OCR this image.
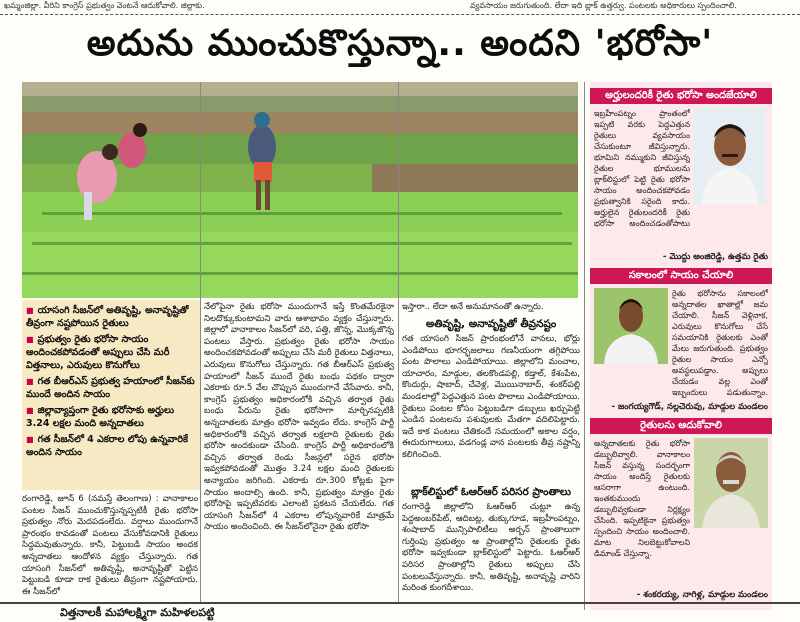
ఖమ్మంజిల్లా. వీరిని కాంగ్రెస్ ప్రభుత్వం వెంటనే ఆదుకోవాలి. జిల్లాకు.	వ్యవసాయం జరుగుతుంది. లేదా ఇది బ్లాక్ ఉత్తర్వు. పంటలకు అధికారులు స్పందించాలి.
అదును ముంచుకొస్తున్నా.. అందని 'భరోసా'
■ యాసంగి సీజన్‌లో అతివృష్టి, అనావృష్టితో తీవ్రంగా నష్టపోయిన రైతులు
■ ప్రభుత్వం రైతు భరోసా సాయం అందించకపోవడంతో అప్పులు చేసి మరీ విత్తనాలు, ఎరువులు కొనుగోలు
■ గత బీఆర్ఎస్ ప్రభుత్వ హయాంలో సీజన్‌కు ముందే అందిన సాయం
■ జిల్లావ్యాప్తంగా రైతు భరోసాకు అర్హులు 3.24 లక్షల మంది అన్నదాతలు
■ గత సీజన్‌లో 4 ఎకరాల లోపు ఉన్నవారికే అందిన సాయం
రంగారెడ్డి, జూన్ 6 (నమస్తే తెలంగాణ) : వానాకాలం పంటల సీజన్ ముంచుకొస్తున్నప్పటికీ రైతు భరోసా ప్రభుత్వం నోరు మెదపడంలేదు. వర్షాలు ముందుగానే ప్రారంభం కావడంతో పంటలు వేసుకోవడానికి రైతులు సిద్ధమవుతున్నారు. కానీ, పెట్టుబడి సాయం అందక అన్నదాతలు ఆందోళన వ్యక్తం చేస్తున్నారు. గత యాసంగి సీజన్‌లో అతివృష్టి, అనావృష్టితో పెట్టిన పెట్టుబడి కూడా రాక రైతులు తీవ్రంగా నష్టపోయారు. ఈ సీజన్‌లో
నేలోపైనా రైతు భరోసా ముందుగానే ఇస్తే కొంతమేరకైనా నిలదొక్కుకుంటామని వారు ఆశాభావం వ్యక్తం చేస్తున్నారు. జిల్లాలో వానాకాలం సీజన్‌లో వరి, పత్తి, జొన్న, మొక్కజొన్న పంటలు వేస్తారు. ప్రభుత్వం రైతు భరోసా సాయం అందించకపోవడంతో అప్పులు చేసి మరీ రైతులు విత్తనాలు, ఎరువులు కొనుగోలు చేస్తున్నారు. గత బీఆర్ఎస్ ప్రభుత్వ హయాంలో సీజన్ ముందే రైతు బంధు పథకం ద్వారా ఎకరాకు రూ.5 వేల చొప్పున ముందుగానే వేసేవారు. కానీ, కాంగ్రెస్ ప్రభుత్వం అధికారంలోకి వచ్చిన తర్వాత రైతు బంధు పేరును రైతు భరోసాగా మార్చినప్పటికీ అన్నదాతలకు మాత్రం భరోసా ఇవ్వడం లేదు. కాంగ్రెస్ పార్టీ అధికారంలోకి వచ్చిన తర్వాత లక్షలాది రైతులకు రైతు భరోసా అందకుండా చేసింది. కాంగ్రెస్ పార్టీ అధికారంలోకి వచ్చిన తర్వాత రెండు సీజన్లలో సరైన భరోసా ఇవ్వకపోవడంతో మొత్తం 3.24 లక్షల మంది రైతులకు అన్యాయం జరిగింది. ఎకరాకు రూ.300 కోట్లకు పైగా సాయం అందాల్సి ఉంది. కానీ, ప్రభుత్వం మాత్రం రైతు భరోసాపై ఇప్పటివరకు ఎలాంటి ప్రకటన చేయలేదు. గత యాసంగి సీజన్‌లో 4 ఎకరాల లోపున్నవారికే మాత్రమే సాయం అందించింది. ఈ సీజన్‌లోనైనా రైతు భరోసా
ఇస్తారా.. లేదా అనే అనుమానంతో ఉన్నారు.
అతివృష్టి, అనావృష్టితో తీవ్రనష్టం
గత యాసంగి సీజన్ ప్రారంభంలోనే వానలు, భోర్లు ఎండిపోయి భూగర్భజలాలు గణనీయంగా తగ్గిపోయి పంట పొలాలు ఎండిపోయాయి. జిల్లాలోని మంచాల, యాచారం, మాడ్గుల, తలకొండపల్లి, కడ్తాల్, కేశంపేట, కొందుర్గు, షాబాద్, చేవెళ్ల, మొయినాబాద్, శంకర్‌పల్లి మండలాల్లో పెద్దఎత్తున పంట పొలాలు ఎండిపోయాయి. రైతులు పంటల కోసం పెట్టుబడిగా డబ్బులు ఖర్చుపెట్టి ఎండిన పంటలను పశువులకు మేతగా వదిలిపెట్టారు. ఇదే కాక పంటలు చేతికందే సమయంలో అకాల వర్షం, ఈదురుగాలులు, వడగండ్ల వాన పంటలకు తీవ్ర నష్టాన్ని కలిగించింది.
బ్లాక్‌లిస్టులో ఓఆర్ఆర్ పరిసర ప్రాంతాలు
రంగారెడ్డి జిల్లాలోని ఓఆర్ఆర్ చుట్టూ ఉన్న పెద్దఅంబర్‌పేట్, ఆదిబట్ల, తుక్కుగూడ, ఇబ్రహీంపట్నం, శంషాబాద్ మున్సిపాలిటీలు అర్బన్ ప్రాంతాలుగా గుర్తింపు ప్రభుత్వం ఆ ప్రాంతాల్లోని రైతులకు రైతు భరోసా ఇవ్వకుండా బ్లాక్‌లిస్టులో పెట్టారు. ఓఆర్ఆర్ పరిసర ప్రాంతాల్లోని రైతులు అప్పులు చేసి పంటలువేస్తున్నారు. కానీ, అతివృష్టి, అనావృష్టి వారిని మరింత కుంగదీశాయి.
అర్హులందరికీ రైతు భరోసా అందజేయాలి
ఇబ్రహీంపట్నం ప్రాంతంలో ఇప్పటి వరకు పెద్దఎత్తున రైతులు వ్యవసాయం చేసుకుంటూ జీవిస్తున్నారు. భూమిని నమ్ముకుని జీవిస్తున్న రైతుల భూములను బ్లాక్‌లిస్టులో పెట్టి రైతు భరోసా సాయం అందించకపోవడం ప్రభుత్వానికి సరైంది కాదు. అర్హులైన రైతులందరికీ రైతు భరోసా అందించడంతోపాటు
- మొద్దు అంజిరెడ్డి, ఉత్తమ రైతు
సకాలంలో సాయం చేయాలి
రైతు భరోసాను సకాలంలో అన్నదాతల ఖాతాల్లో జమ చేయాలి. సీజన్ వెళ్లినాక, ఎరువులు కొనుగోలు చేసే సమయానికి రైతులకు ఎంతో మేలు జరుగుతుంది. ప్రభుత్వం రైతుల సాయం ఎన్నో అవస్థలుపడ్డాం. అప్పులు చేయడం వల్ల ఎంతో ఇబ్బందులు పడుతున్నాం.
- జంగయ్యగౌడ్, నల్లచెరువు, మాడ్గుల మండలం
రైతులను ఆదుకోవాలి
అన్నదాతలకు రైతు భరోసా డబ్బులివ్వాలి. వానాకాలం సీజన్ వస్తున్న సందర్భంగా సాయం అందిస్తే రైతులకు ఆసరాగా ఉంటుంది. ఇంతకుముందు డబ్బులివ్వకుండా నిర్లక్ష్యం చేసింది. ఇప్పటికైనా ప్రభుత్వం స్పందించి సాయం అందించాలి. మాట నిలబెట్టుకోవాలని డిమాండ్ చేస్తున్నా.
- శంకరయ్య, నాగిళ్ల, మాడ్గుల మండలం
విత్తనాలకీ మహాలక్ష్మిగా మహిళలపట్టి
